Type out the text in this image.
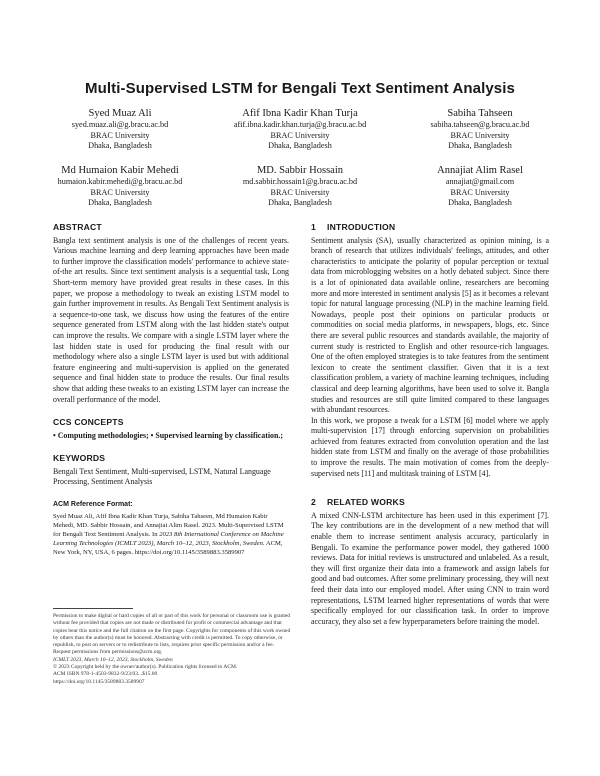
Multi-Supervised LSTM for Bengali Text Sentiment Analysis
Syed Muaz Ali
syed.muaz.ali@g.bracu.ac.bd
BRAC University
Dhaka, Bangladesh
Afif Ibna Kadir Khan Turja
afif.ibna.kadir.khan.turja@g.bracu.ac.bd
BRAC University
Dhaka, Bangladesh
Sabiha Tahseen
sabiha.tahseen@g.bracu.ac.bd
BRAC University
Dhaka, Bangladesh
Md Humaion Kabir Mehedi
humaion.kabir.mehedi@g.bracu.ac.bd
BRAC University
Dhaka, Bangladesh
MD. Sabbir Hossain
md.sabbir.hossain1@g.bracu.ac.bd
BRAC University
Dhaka, Bangladesh
Annajiat Alim Rasel
annajiat@gmail.com
BRAC University
Dhaka, Bangladesh
ABSTRACT

Bangla text sentiment analysis is one of the challenges of recent years. Various machine learning and deep learning approaches have been made to further improve the classification models' performance to achieve state-of-the art results. Since text sentiment analysis is a sequential task, Long Short-term memory have provided great results in these cases. In this paper, we propose a methodology to tweak an existing LSTM model to gain further improvement in results. As Bengali Text Sentiment analysis is a sequence-to-one task, we discuss how using the features of the entire sequence generated from LSTM along with the last hidden state's output can improve the results. We compare with a single LSTM layer where the last hidden state is used for producing the final result with our methodology where also a single LSTM layer is used but with additional feature engineering and multi-supervision is applied on the generated sequence and final hidden state to produce the results. Our final results show that adding these tweaks to an existing LSTM layer can increase the overall performance of the model.

CCS CONCEPTS

• Computing methodologies; • Supervised learning by classification.;

KEYWORDS

Bengali Text Sentiment, Multi-supervised, LSTM, Natural Language Processing, Sentiment Analysis

ACM Reference Format:

Syed Muaz Ali, Afif Ibna Kadir Khan Turja, Sabiha Tahseen, Md Humaion Kabir Mehedi, MD. Sabbir Hossain, and Annajiat Alim Rasel. 2023. Multi-Supervised LSTM for Bengali Text Sentiment Analysis. In 2023 8th International Conference on Machine Learning Technologies (ICMLT 2023), March 10–12, 2023, Stockholm, Sweden. ACM, New York, NY, USA, 6 pages. https://doi.org/10.1145/3589883.3589907

Permission to make digital or hard copies of all or part of this work for personal or classroom use is granted without fee provided that copies are not made or distributed for profit or commercial advantage and that copies bear this notice and the full citation on the first page. Copyrights for components of this work owned by others than the author(s) must be honored. Abstracting with credit is permitted. To copy otherwise, or republish, to post on servers or to redistribute to lists, requires prior specific permission and/or a fee. Request permissions from permissions@acm.org.

ICMLT 2023, March 10–12, 2023, Stockholm, Sweden

© 2023 Copyright held by the owner/author(s). Publication rights licensed to ACM.

ACM ISBN 978-1-4503-9832-9/23/03...$15.00

https://doi.org/10.1145/3589883.3589907

1 INTRODUCTION

Sentiment analysis (SA), usually characterized as opinion mining, is a branch of research that utilizes individuals' feelings, attitudes, and other characteristics to anticipate the polarity of popular perception or textual data from microblogging websites on a hotly debated subject. Since there is a lot of opinionated data available online, researchers are becoming more and more interested in sentiment analysis [5] as it becomes a relevant topic for natural language processing (NLP) in the machine learning field. Nowadays, people post their opinions on particular products or commodities on social media platforms, in newspapers, blogs, etc. Since there are several public resources and standards available, the majority of current study is restricted to English and other resource-rich languages. One of the often employed strategies is to take features from the sentiment lexicon to create the sentiment classifier. Given that it is a text classification problem, a variety of machine learning techniques, including classical and deep learning algorithms, have been used to solve it. Bangla studies and resources are still quite limited compared to these languages with abundant resources.

In this work, we propose a tweak for a LSTM [6] model where we apply multi-supervision [17] through enforcing supervision on probabilities achieved from features extracted from convolution operation and the last hidden state from LSTM and finally on the average of those probabilities to improve the results. The main motivation of comes from the deeply-supervised nets [11] and multitask training of LSTM [4].

2 RELATED WORKS

A mixed CNN-LSTM architecture has been used in this experiment [7]. The key contributions are in the development of a new method that will enable them to increase sentiment analysis accuracy, particularly in Bengali. To examine the performance power model, they gathered 1000 reviews. Data for initial reviews is unstructured and unlabeled. As a result, they will first organize their data into a framework and assign labels for good and bad outcomes. After some preliminary processing, they will next feed their data into our employed model. After using CNN to train word representations, LSTM learned higher representations of words that were specifically employed for our classification task. In order to improve accuracy, they also set a few hyperparameters before training the model.
